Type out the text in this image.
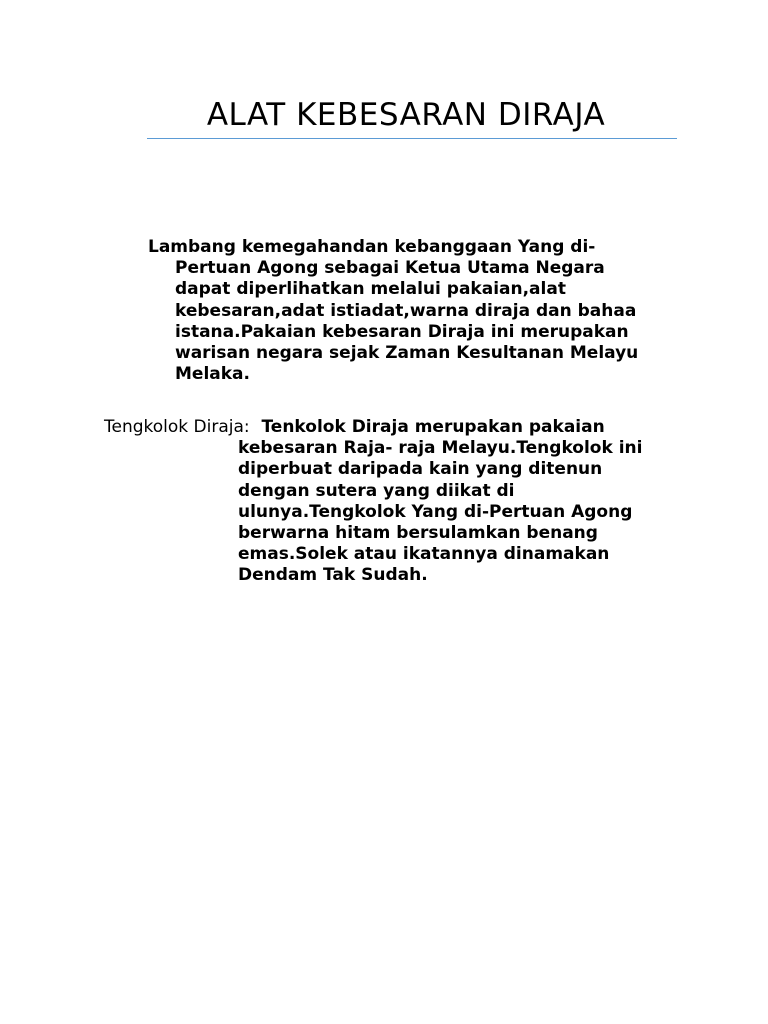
ALAT KEBESARAN DIRAJA

Lambang kemegahandan kebanggaan Yang di-
Pertuan Agong sebagai Ketua Utama Negara
dapat diperlihatkan melalui pakaian,alat
kebesaran,adat istiadat,warna diraja dan bahaa
istana.Pakaian kebesaran Diraja ini merupakan
warisan negara sejak Zaman Kesultanan Melayu
Melaka.

Tengkolok Diraja:  Tenkolok Diraja merupakan pakaian
kebesaran Raja- raja Melayu.Tengkolok ini
diperbuat daripada kain yang ditenun
dengan sutera yang diikat di
ulunya.Tengkolok Yang di-Pertuan Agong
berwarna hitam bersulamkan benang
emas.Solek atau ikatannya dinamakan
Dendam Tak Sudah.
